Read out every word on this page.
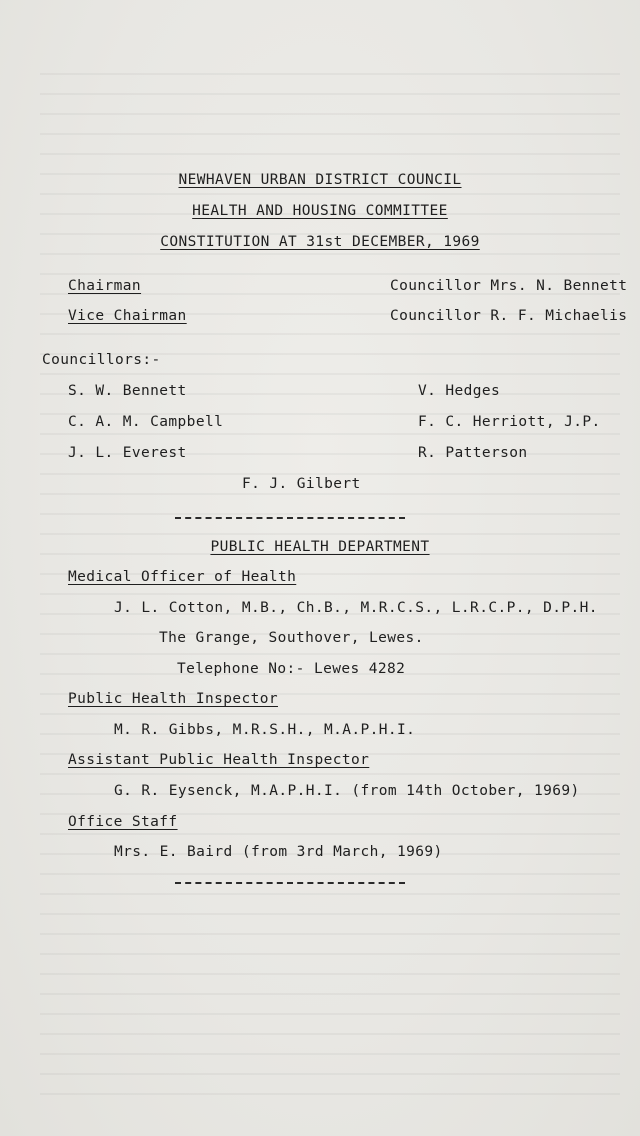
NEWHAVEN URBAN DISTRICT COUNCIL
HEALTH AND HOUSING COMMITTEE
CONSTITUTION AT 31st DECEMBER, 1969
Chairman	Councillor Mrs. N. Bennett
Vice Chairman	Councillor R. F. Michaelis
Councillors:-
S. W. Bennett
C. A. M. Campbell
J. L. Everest
V. Hedges
F. C. Herriott, J.P.
R. Patterson
F. J. Gilbert
PUBLIC HEALTH DEPARTMENT
Medical Officer of Health
J. L. Cotton, M.B., Ch.B., M.R.C.S., L.R.C.P., D.P.H.
The Grange, Southover, Lewes.
Telephone No:- Lewes 4282
Public Health Inspector
M. R. Gibbs, M.R.S.H., M.A.P.H.I.
Assistant Public Health Inspector
G. R. Eysenck, M.A.P.H.I. (from 14th October, 1969)
Office Staff
Mrs. E. Baird (from 3rd March, 1969)
